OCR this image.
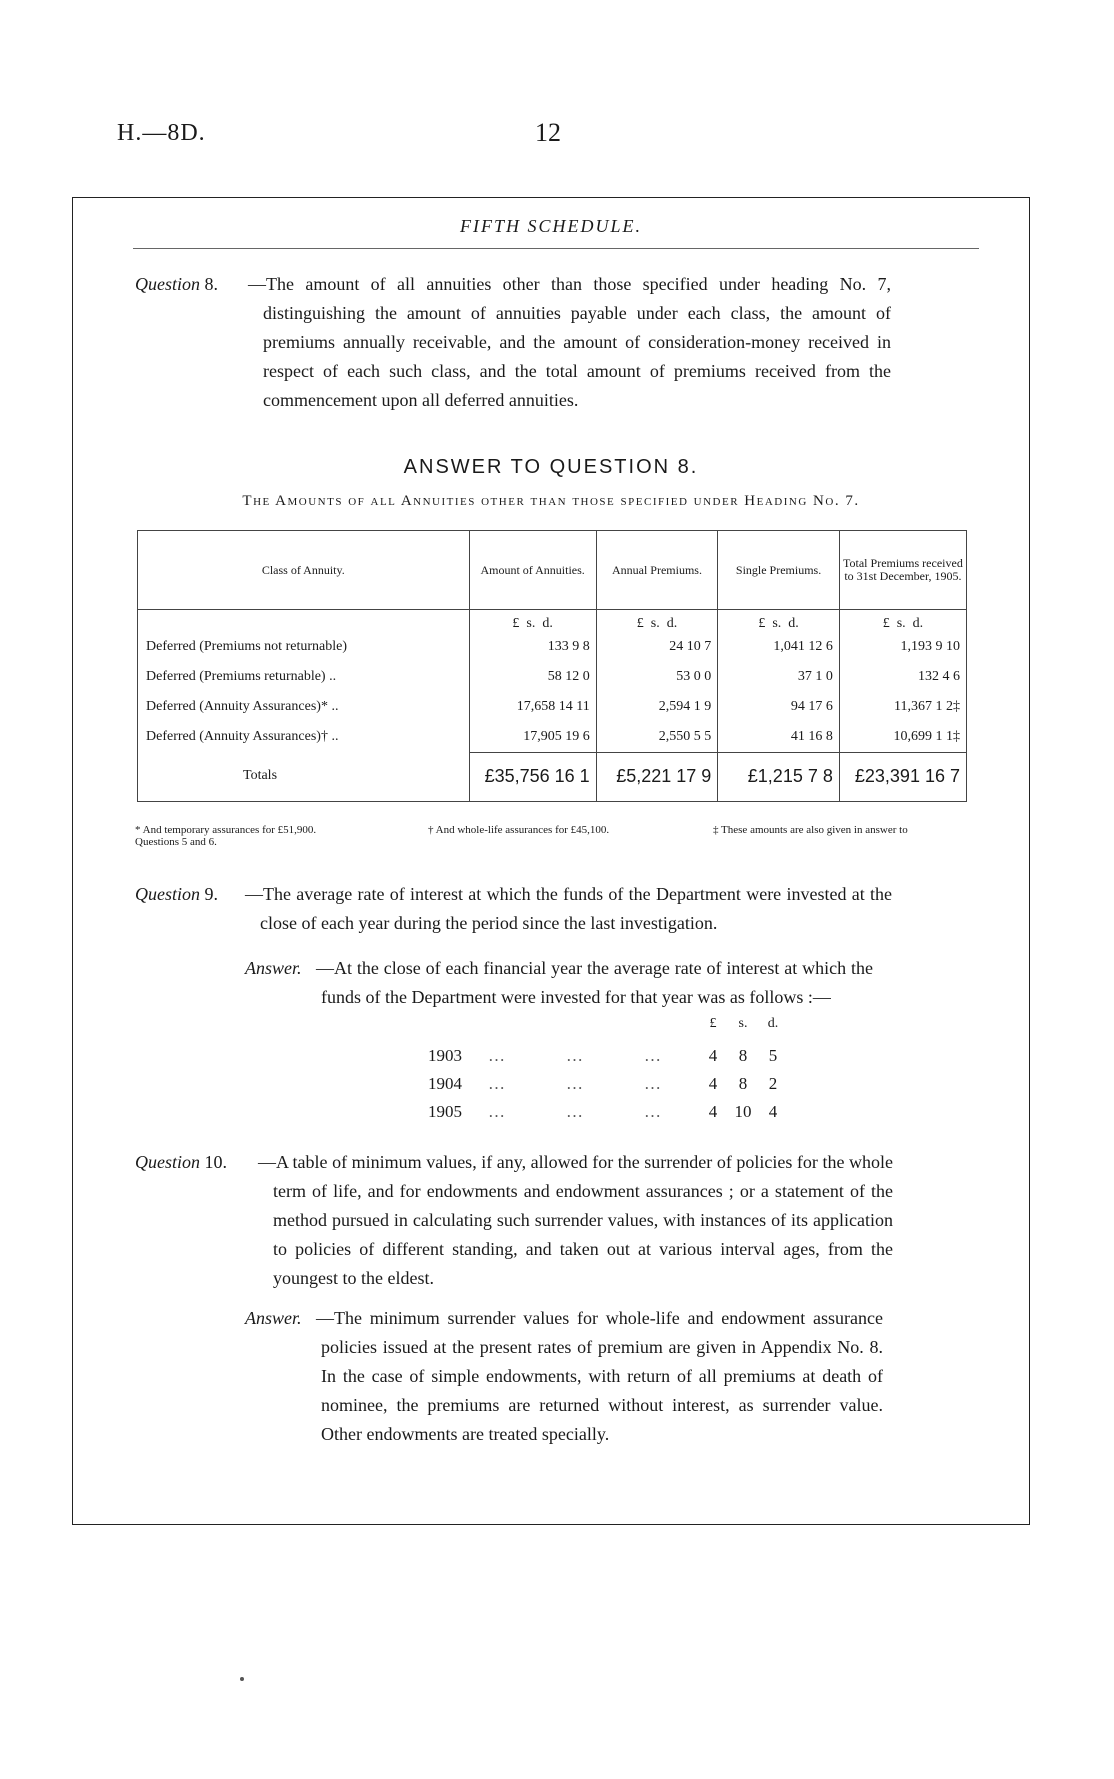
H.—8D.	12
FIFTH SCHEDULE.
Question 8. —The amount of all annuities other than those specified under heading No. 7, distinguishing the amount of annuities payable under each class, the amount of premiums annually receivable, and the amount of consideration-money received in respect of each such class, and the total amount of premiums received from the commencement upon all deferred annuities.
ANSWER TO QUESTION 8.
The Amounts of all Annuities other than those specified under Heading No. 7.
Class of Annuity.	Amount of Annuities.	Annual Premiums.	Single Premiums.	Total Premiums received to 31st December, 1905.
	£ s. d.	£ s. d.	£ s. d.	£ s. d.
Deferred (Premiums not returnable)	133 9 8	24 10 7	1,041 12 6	1,193 9 10
Deferred (Premiums returnable) ..	58 12 0	53 0 0	37 1 0	132 4 6
Deferred (Annuity Assurances)* ..	17,658 14 11	2,594 1 9	94 17 6	11,367 1 2‡
Deferred (Annuity Assurances)† ..	17,905 19 6	2,550 5 5	41 16 8	10,699 1 1‡
Totals	£35,756 16 1	£5,221 17 9	£1,215 7 8	£23,391 16 7
* And temporary assurances for £51,900.
Questions 5 and 6.
† And whole-life assurances for £45,100.	‡ These amounts are also given in answer to
Question 9. —The average rate of interest at which the funds of the Department were invested at the close of each year during the period since the last investigation.
Answer. —At the close of each financial year the average rate of interest at which the funds of the Department were invested for that year was as follows :—
£ s. d.
1903 …        …        …	4 8 5
1904 …        …        …	4 8 2
1905 …        …        …	4 10 4
Question 10. —A table of minimum values, if any, allowed for the surrender of policies for the whole term of life, and for endowments and endowment assurances ; or a statement of the method pursued in calculating such surrender values, with instances of its application to policies of different standing, and taken out at various interval ages, from the youngest to the eldest.
Answer. —The minimum surrender values for whole-life and endowment assurance policies issued at the present rates of premium are given in Appendix No. 8. In the case of simple endowments, with return of all premiums at death of nominee, the premiums are returned without interest, as surrender value. Other endowments are treated specially.
